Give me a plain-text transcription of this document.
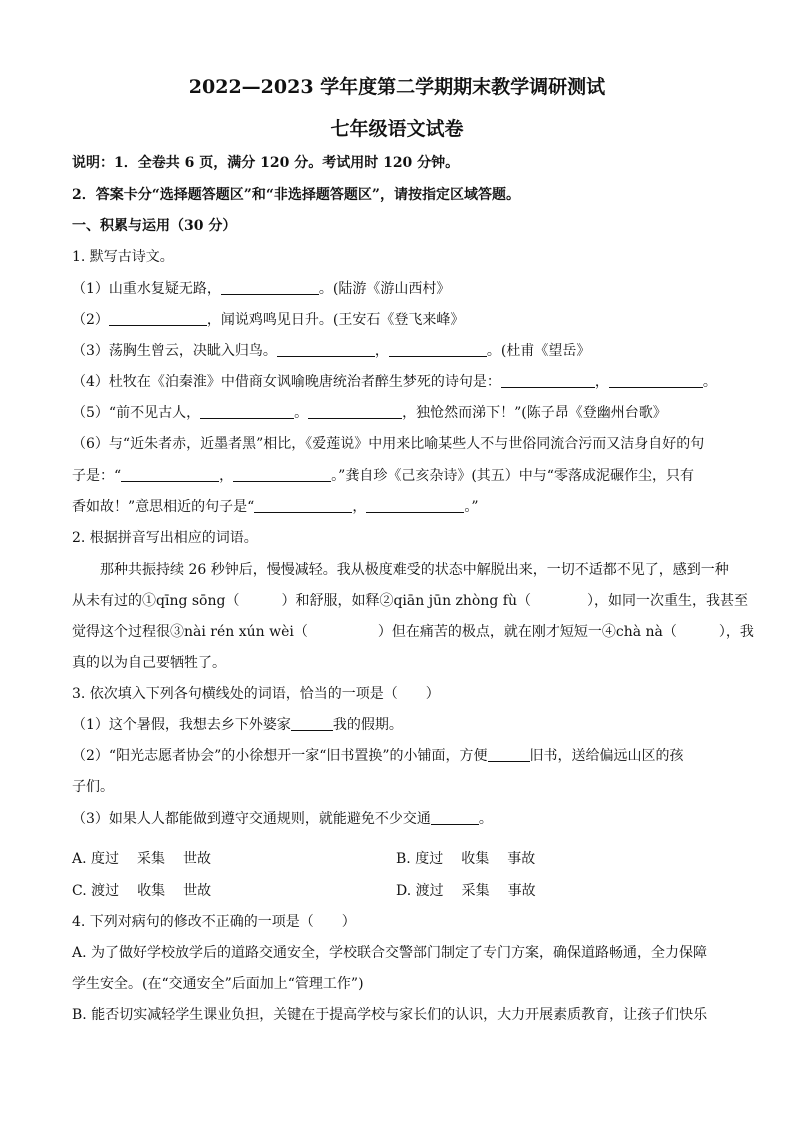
2022—2023 学年度第二学期期末教学调研测试
七年级语文试卷
说明：1．全卷共 6 页，满分 120 分。考试用时 120 分钟。
2．答案卡分“选择题答题区”和“非选择题答题区”，请按指定区域答题。
一、积累与运用（30 分）
1. 默写古诗文。
（1）山重水复疑无路，	。(陆游《游山西村》
（2）	，闻说鸡鸣见日升。(王安石《登飞来峰》
（3）荡胸生曾云，决眦入归鸟。	，	。(杜甫《望岳》
（4）杜牧在《泊秦淮》中借商女讽喻晚唐统治者醉生梦死的诗句是：	，	。
（5）“前不见古人，	。	，独怆然而涕下！”(陈子昂《登幽州台歌》
（6）与“近朱者赤，近墨者黑”相比，《爱莲说》中用来比喻某些人不与世俗同流合污而又洁身自好的句
子是：“	，	。”龚自珍《己亥杂诗》(其五）中与“零落成泥碾作尘，只有
香如故！”意思相近的句子是“	，	。”
2. 根据拼音写出相应的词语。
那种共振持续 26 秒钟后，慢慢减轻。我从极度难受的状态中解脱出来，一切不适都不见了，感到一种
从未有过的①qīng sōng（　　　）和舒服，如释②qiān jūn zhòng fù（　　　　），如同一次重生，我甚至
觉得这个过程很③nài rén xún wèi（　　　　　）但在痛苦的极点，就在刚才短短一④chà nà（　　　），我
真的以为自己要牺牲了。
3. 依次填入下列各句横线处的词语，恰当的一项是（　　）
（1）这个暑假，我想去乡下外婆家	我的假期。
（2）“阳光志愿者协会”的小徐想开一家“旧书置换”的小铺面，方便	旧书，送给偏远山区的孩
子们。
（3）如果人人都能做到遵守交通规则，就能避免不少交通	。
A. 度过 采集 世故	B. 度过 收集 事故
C. 渡过 收集 世故	D. 渡过 采集 事故
4. 下列对病句的修改不正确的一项是（　　）
A. 为了做好学校放学后的道路交通安全，学校联合交警部门制定了专门方案，确保道路畅通，全力保障
学生安全。(在“交通安全”后面加上“管理工作”)
B. 能否切实减轻学生课业负担，关键在于提高学校与家长们的认识，大力开展素质教育，让孩子们快乐
